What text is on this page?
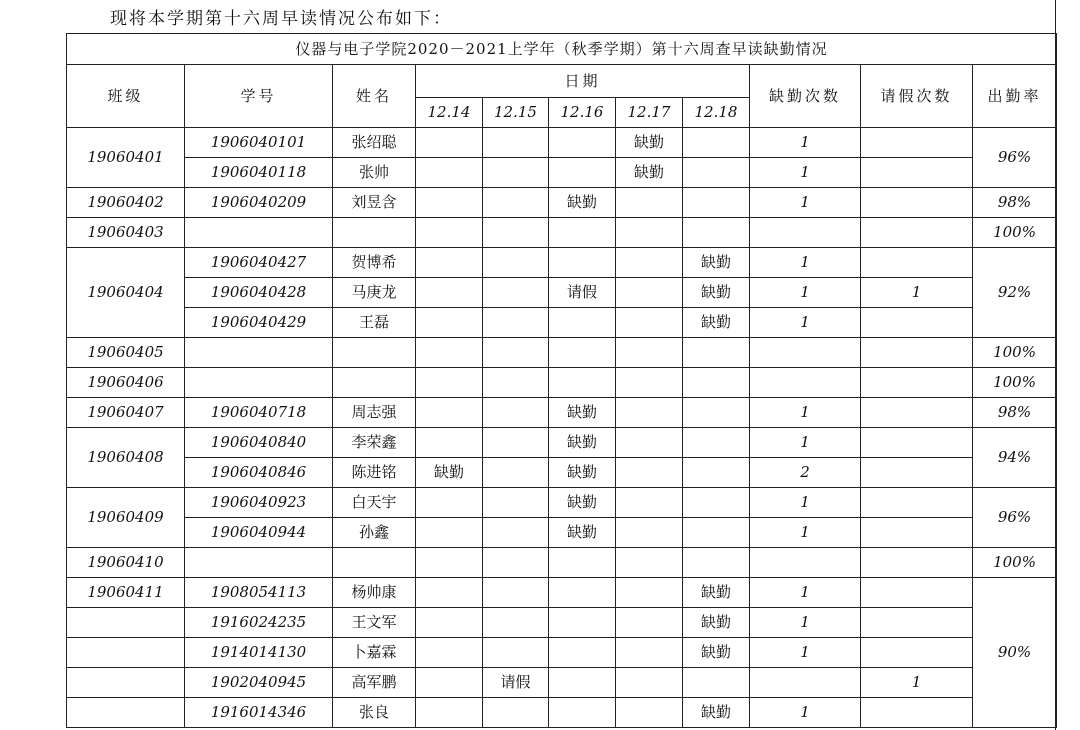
现将本学期第十六周早读情况公布如下：
仪器与电子学院2020－2021上学年（秋季学期）第十六周查早读缺勤情况										
班级	学号	姓名	日期					缺勤次数	请假次数	出勤率
			12.14	12.15	12.16	12.17	12.18			
19060401	1906040101	张绍聪				缺勤		1		96%
	1906040118	张帅				缺勤		1		
19060402	1906040209	刘昱含			缺勤			1		98%
19060403										100%
19060404	1906040427	贺博希					缺勤	1		92%
	1906040428	马庚龙			请假		缺勤	1	1	
	1906040429	王磊					缺勤	1		
19060405										100%
19060406										100%
19060407	1906040718	周志强			缺勤			1		98%
19060408	1906040840	李荣鑫			缺勤			1		94%
	1906040846	陈进铭	缺勤		缺勤			2		
19060409	1906040923	白天宇			缺勤			1		96%
	1906040944	孙鑫			缺勤			1		
19060410										100%
19060411	1908054113	杨帅康					缺勤	1		90%
	1916024235	王文军					缺勤	1		
	1914014130	卜嘉霖					缺勤	1		
	1902040945	高军鹏		请假					1	
	1916014346	张良					缺勤	1		
